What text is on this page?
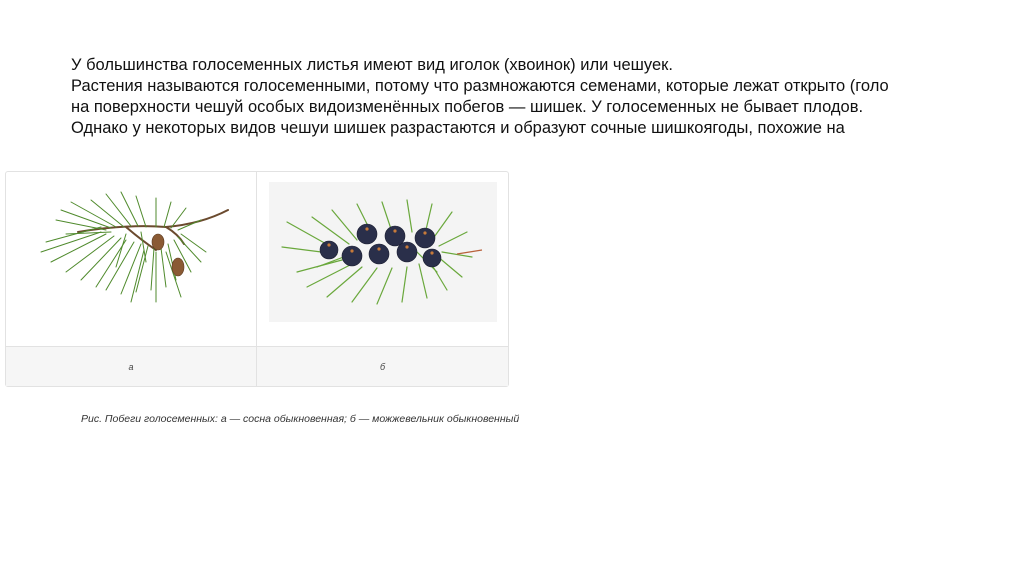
У большинства голосеменных листья имеют вид иголок (хвоинок) или чешуек.
Растения называются голосеменными, потому что размножаются семенами, которые лежат открыто (голо
на поверхности чешуй особых видоизменённых побегов — шишек. У голосеменных не бывает плодов.
Однако у некоторых видов чешуи шишек разрастаются и образуют сочные шишкоягоды, похожие на
а	б
Рис. Побеги голосеменных: а — сосна обыкновенная; б — можжевельник обыкновенный
